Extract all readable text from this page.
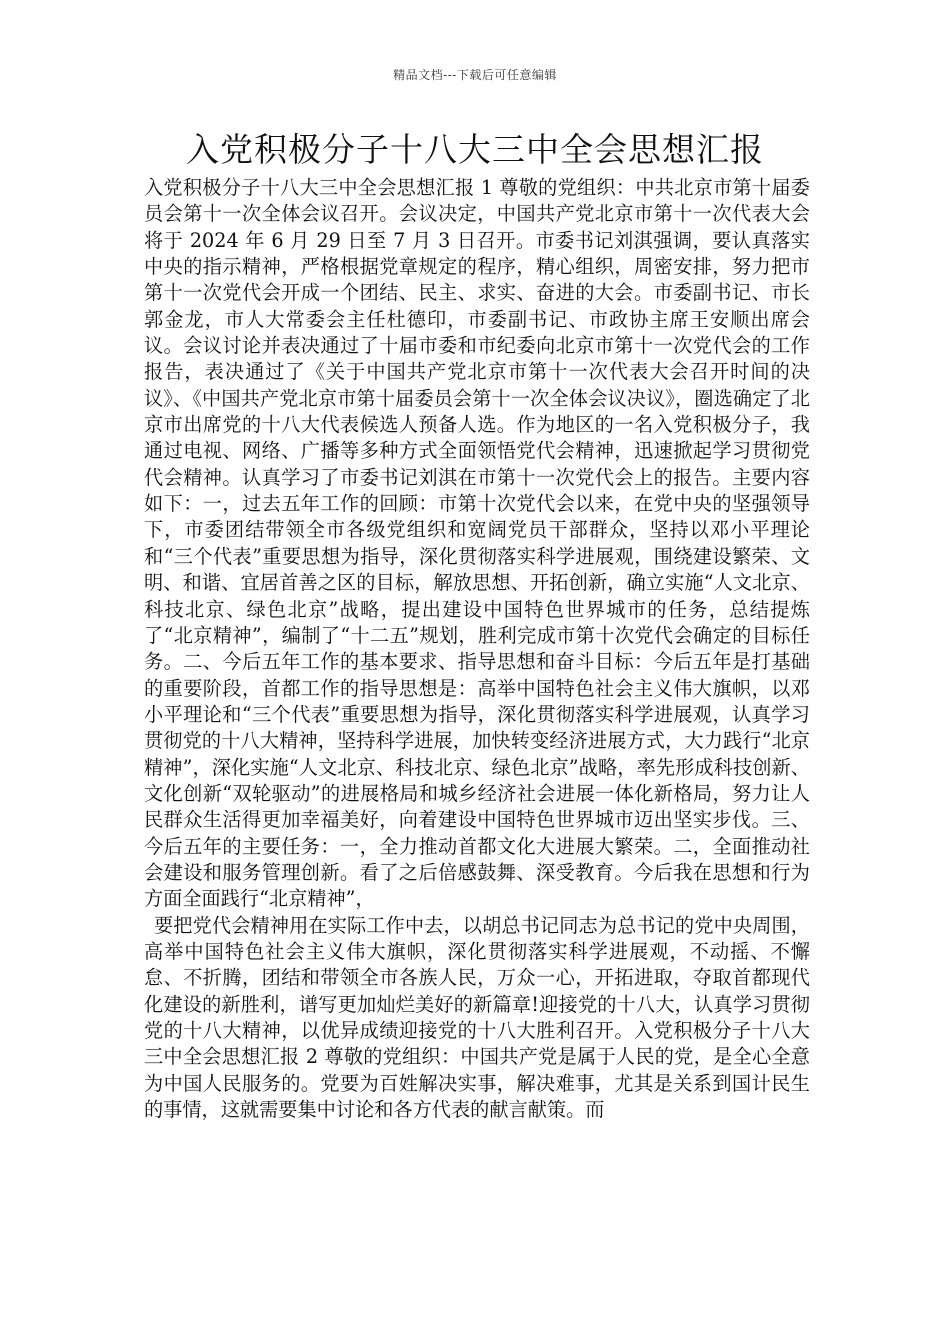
精品文档---下载后可任意编辑
入党积极分子十八大三中全会思想汇报

入党积极分子十八大三中全会思想汇报 1 尊敬的党组织：中共北京市第十届委员会第十一次全体会议召开。会议决定，中国共产党北京市第十一次代表大会将于 2024 年 6 月 29 日至 7 月 3 日召开。市委书记刘淇强调，要认真落实中央的指示精神，严格根据党章规定的程序，精心组织，周密安排，努力把市第十一次党代会开成一个团结、民主、求实、奋进的大会。市委副书记、市长郭金龙，市人大常委会主任杜德印，市委副书记、市政协主席王安顺出席会议。会议讨论并表决通过了十届市委和市纪委向北京市第十一次党代会的工作报告，表决通过了《关于中国共产党北京市第十一次代表大会召开时间的决议》、《中国共产党北京市第十届委员会第十一次全体会议决议》，圈选确定了北京市出席党的十八大代表候选人预备人选。作为地区的一名入党积极分子，我通过电视、网络、广播等多种方式全面领悟党代会精神，迅速掀起学习贯彻党代会精神。认真学习了市委书记刘淇在市第十一次党代会上的报告。主要内容如下：一，过去五年工作的回顾：市第十次党代会以来，在党中央的坚强领导下，市委团结带领全市各级党组织和宽阔党员干部群众，坚持以邓小平理论和“三个代表”重要思想为指导，深化贯彻落实科学进展观，围绕建设繁荣、文明、和谐、宜居首善之区的目标，解放思想、开拓创新，确立实施“人文北京、科技北京、绿色北京”战略，提出建设中国特色世界城市的任务，总结提炼了“北京精神”，编制了“十二五”规划，胜利完成市第十次党代会确定的目标任务。二、今后五年工作的基本要求、指导思想和奋斗目标：今后五年是打基础的重要阶段，首都工作的指导思想是：高举中国特色社会主义伟大旗帜，以邓小平理论和“三个代表”重要思想为指导，深化贯彻落实科学进展观，认真学习贯彻党的十八大精神，坚持科学进展，加快转变经济进展方式，大力践行“北京精神”，深化实施“人文北京、科技北京、绿色北京”战略，率先形成科技创新、文化创新“双轮驱动”的进展格局和城乡经济社会进展一体化新格局，努力让人民群众生活得更加幸福美好，向着建设中国特色世界城市迈出坚实步伐。三、今后五年的主要任务：一，全力推动首都文化大进展大繁荣。二，全面推动社会建设和服务管理创新。看了之后倍感鼓舞、深受教育。今后我在思想和行为方面全面践行“北京精神”，

要把党代会精神用在实际工作中去，以胡总书记同志为总书记的党中央周围，高举中国特色社会主义伟大旗帜，深化贯彻落实科学进展观，不动摇、不懈怠、不折腾，团结和带领全市各族人民，万众一心，开拓进取，夺取首都现代化建设的新胜利，谱写更加灿烂美好的新篇章!迎接党的十八大，认真学习贯彻党的十八大精神，以优异成绩迎接党的十八大胜利召开。入党积极分子十八大三中全会思想汇报 2 尊敬的党组织：中国共产党是属于人民的党，是全心全意为中国人民服务的。党要为百姓解决实事，解决难事，尤其是关系到国计民生的事情，这就需要集中讨论和各方代表的献言献策。而
